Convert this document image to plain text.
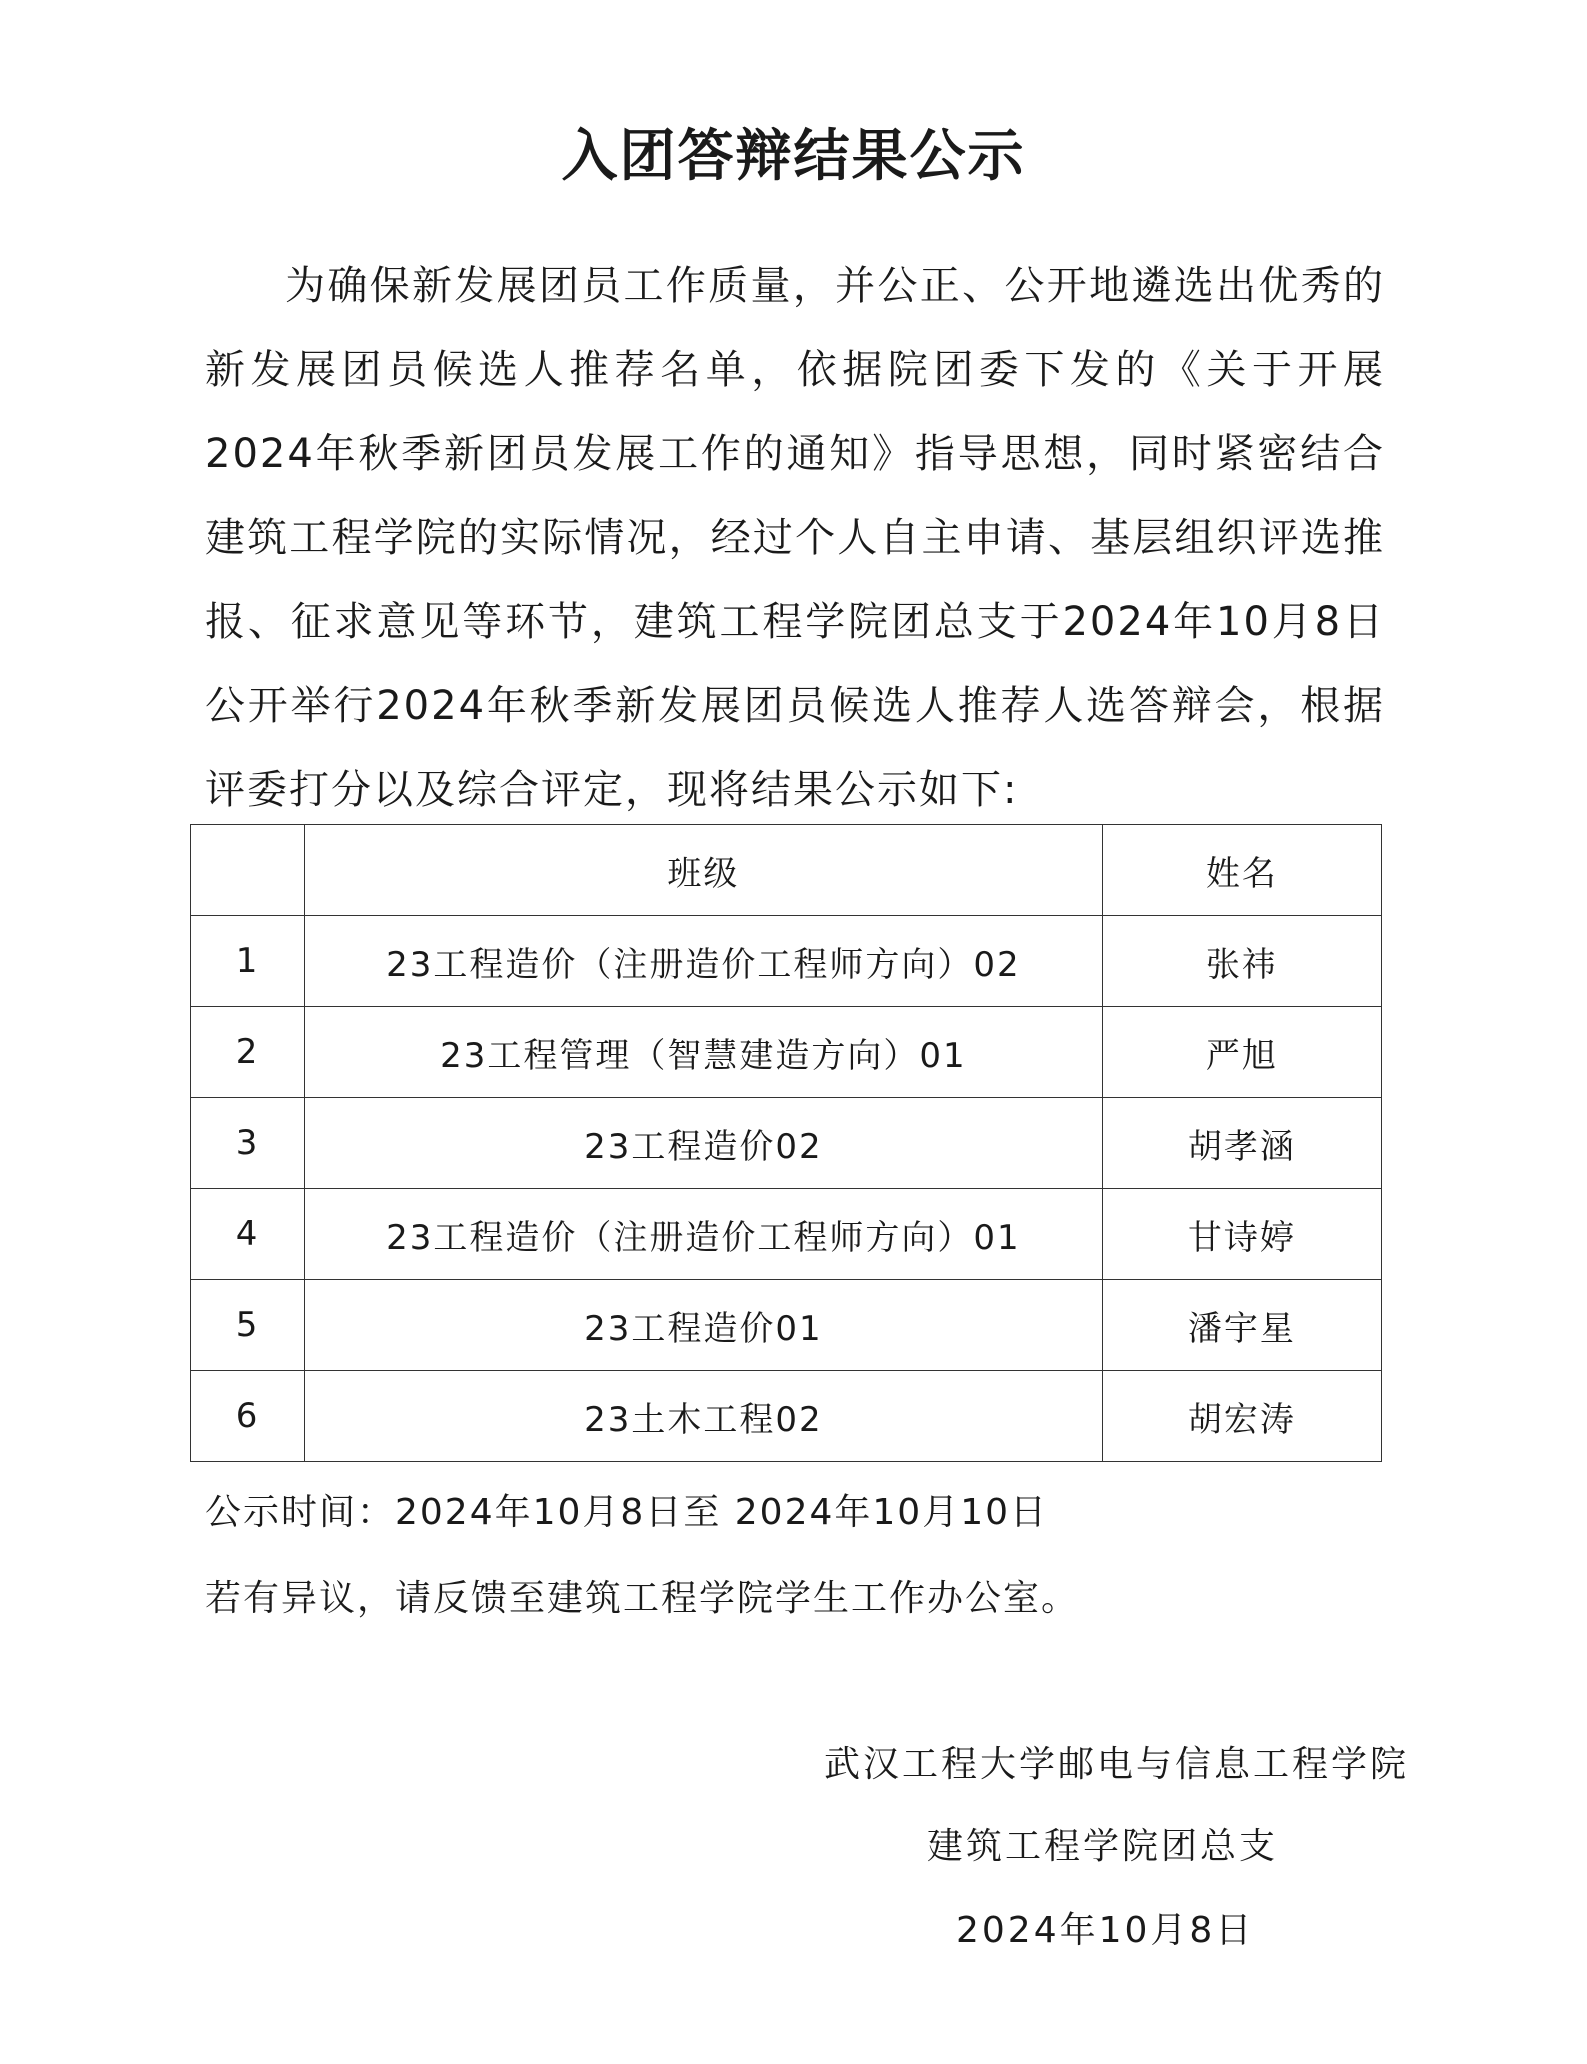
入团答辩结果公示

为确保新发展团员工作质量，并公正、公开地遴选出优秀的新发展团员候选人推荐名单，依据院团委下发的《关于开展2024年秋季新团员发展工作的通知》指导思想，同时紧密结合建筑工程学院的实际情况，经过个人自主申请、基层组织评选推报、征求意见等环节，建筑工程学院团总支于2024年10月8日公开举行2024年秋季新发展团员候选人推荐人选答辩会，根据评委打分以及综合评定，现将结果公示如下:

	班级	姓名
1	23工程造价（注册造价工程师方向）02	张祎
2	23工程管理（智慧建造方向）01	严旭
3	23工程造价02	胡孝涵
4	23工程造价（注册造价工程师方向）01	甘诗婷
5	23工程造价01	潘宇星
6	23土木工程02	胡宏涛

公示时间：2024年10月8日至 2024年10月10日

若有异议，请反馈至建筑工程学院学生工作办公室。

武汉工程大学邮电与信息工程学院

建筑工程学院团总支

2024年10月8日
